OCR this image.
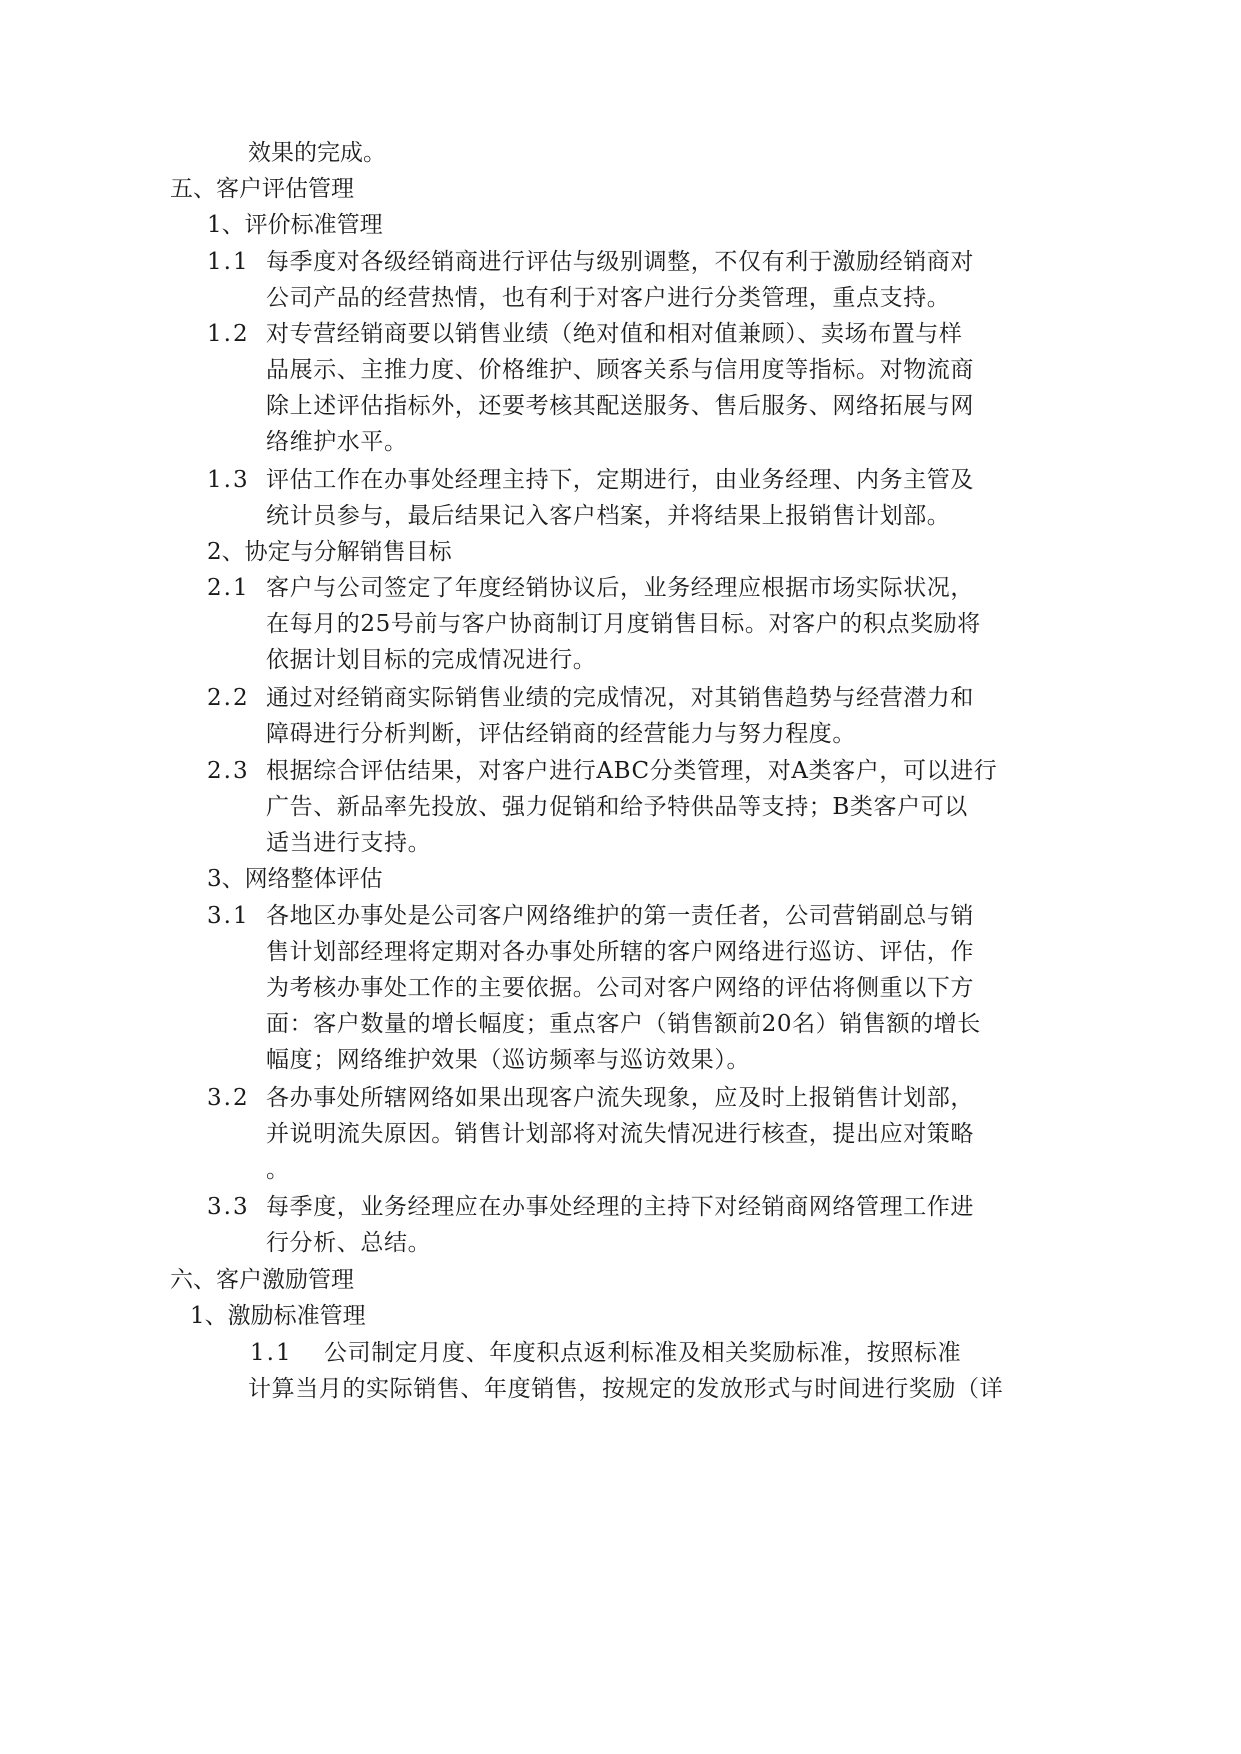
效果的完成。
五、客户评估管理
1、评价标准管理
1.1 每季度对各级经销商进行评估与级别调整，不仅有利于激励经销商对
公司产品的经营热情，也有利于对客户进行分类管理，重点支持。
1.2 对专营经销商要以销售业绩（绝对值和相对值兼顾）、卖场布置与样
品展示、主推力度、价格维护、顾客关系与信用度等指标。对物流商
除上述评估指标外，还要考核其配送服务、售后服务、网络拓展与网
络维护水平。
1.3 评估工作在办事处经理主持下，定期进行，由业务经理、内务主管及
统计员参与，最后结果记入客户档案，并将结果上报销售计划部。
2、协定与分解销售目标
2.1 客户与公司签定了年度经销协议后，业务经理应根据市场实际状况，
在每月的25号前与客户协商制订月度销售目标。对客户的积点奖励将
依据计划目标的完成情况进行。
2.2 通过对经销商实际销售业绩的完成情况，对其销售趋势与经营潜力和
障碍进行分析判断，评估经销商的经营能力与努力程度。
2.3 根据综合评估结果，对客户进行ABC分类管理，对A类客户，可以进行
广告、新品率先投放、强力促销和给予特供品等支持；B类客户可以
适当进行支持。
3、网络整体评估
3.1 各地区办事处是公司客户网络维护的第一责任者，公司营销副总与销
售计划部经理将定期对各办事处所辖的客户网络进行巡访、评估，作
为考核办事处工作的主要依据。公司对客户网络的评估将侧重以下方
面：客户数量的增长幅度；重点客户（销售额前20名）销售额的增长
幅度；网络维护效果（巡访频率与巡访效果）。
3.2 各办事处所辖网络如果出现客户流失现象，应及时上报销售计划部，
并说明流失原因。销售计划部将对流失情况进行核查，提出应对策略
。
3.3 每季度，业务经理应在办事处经理的主持下对经销商网络管理工作进
行分析、总结。
六、客户激励管理
1、激励标准管理
1.1 公司制定月度、年度积点返利标准及相关奖励标准，按照标准
计算当月的实际销售、年度销售，按规定的发放形式与时间进行奖励（详
